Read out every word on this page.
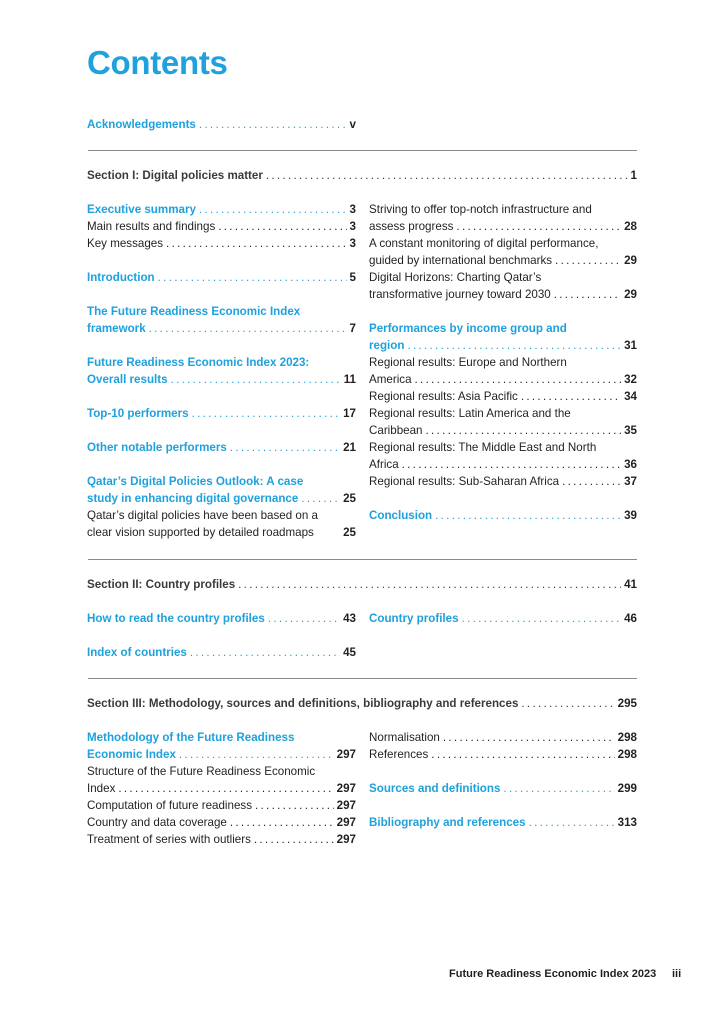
Contents
Acknowledgements .....	v
Section I: Digital policies matter .....	1
Executive summary .....	3
Main results and findings .....	3
Key messages .....	3
Introduction .....	5
The Future Readiness Economic Index
framework .....	7
Future Readiness Economic Index 2023:
Overall results .....	11
Top-10 performers .....	17
Other notable performers .....	21
Qatar’s Digital Policies Outlook: A case
study in enhancing digital governance .....	25
Qatar’s digital policies have been based on a
clear vision supported by detailed roadmaps	25
Striving to offer top-notch infrastructure and
assess progress .....	28
A constant monitoring of digital performance,
guided by international benchmarks .....	29
Digital Horizons: Charting Qatar’s
transformative journey toward 2030 .....	29
Performances by income group and
region .....	31
Regional results: Europe and Northern
America .....	32
Regional results: Asia Pacific .....	34
Regional results: Latin America and the
Caribbean .....	35
Regional results: The Middle East and North
Africa .....	36
Regional results: Sub-Saharan Africa .....	37
Conclusion .....	39
Section II: Country profiles .....	41
How to read the country profiles .....	43
Index of countries .....	45
Country profiles .....	46
Section III: Methodology, sources and definitions, bibliography and references .....	295
Methodology of the Future Readiness
Economic Index .....	297
Structure of the Future Readiness Economic
Index .....	297
Computation of future readiness .....	297
Country and data coverage .....	297
Treatment of series with outliers .....	297
Normalisation .....	298
References .....	298
Sources and definitions .....	299
Bibliography and references .....	313
Future Readiness Economic Index 2023 iii
